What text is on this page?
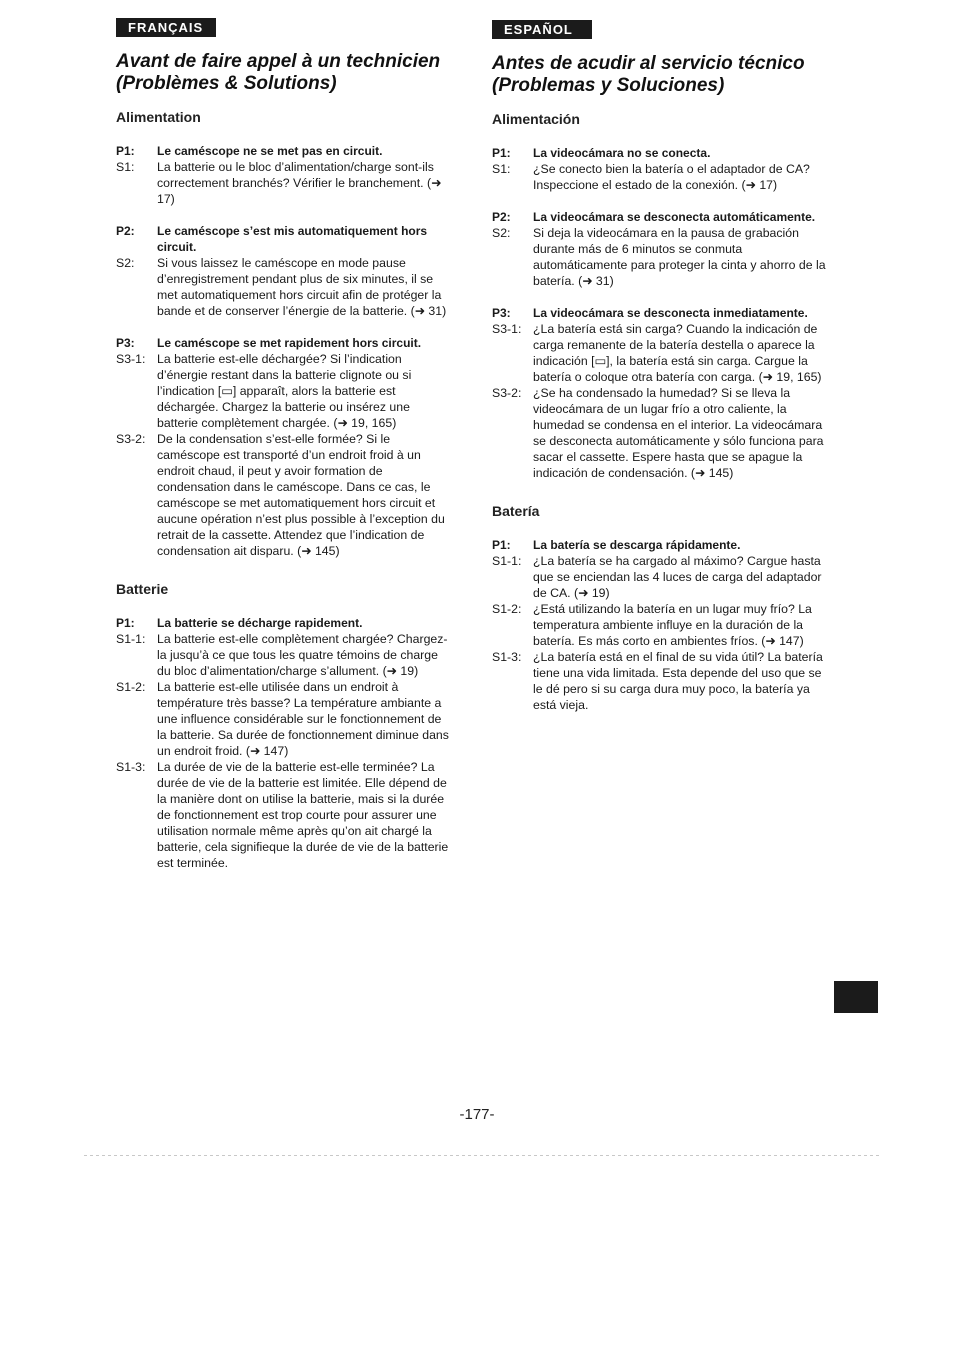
FRANÇAIS
Avant de faire appel à un technicien (Problèmes & Solutions)
Alimentation
P1:	Le caméscope ne se met pas en circuit.
S1:	La batterie ou le bloc d’alimentation/charge sont-ils correctement branchés? Vérifier le branchement. (➜ 17)
P2:	Le caméscope s’est mis automatiquement hors circuit.
S2:	Si vous laissez le caméscope en mode pause d’enregistrement pendant plus de six minutes, il se met automatiquement hors circuit afin de protéger la bande et de conserver l’énergie de la batterie. (➜ 31)
P3:	Le caméscope se met rapidement hors circuit.
S3-1: La batterie est-elle déchargée? Si l’indication d’énergie restant dans la batterie clignote ou si l’indication [▭] apparaît, alors la batterie est déchargée. Chargez la batterie ou insérez une batterie complètement chargée. (➜ 19, 165)
S3-2: De la condensation s’est-elle formée? Si le caméscope est transporté d’un endroit froid à un endroit chaud, il peut y avoir formation de condensation dans le caméscope. Dans ce cas, le caméscope se met automatiquement hors circuit et aucune opération n’est plus possible à l’exception du retrait de la cassette. Attendez que l’indication de condensation ait disparu. (➜ 145)
Batterie
P1:	La batterie se décharge rapidement.
S1-1: La batterie est-elle complètement chargée? Chargez-la jusqu’à ce que tous les quatre témoins de charge du bloc d’alimentation/charge s’allument. (➜ 19)
S1-2: La batterie est-elle utilisée dans un endroit à température très basse? La température ambiante a une influence considérable sur le fonctionnement de la batterie. Sa durée de fonctionnement diminue dans un endroit froid. (➜ 147)
S1-3: La durée de vie de la batterie est-elle terminée? La durée de vie de la batterie est limitée. Elle dépend de la manière dont on utilise la batterie, mais si la durée de fonctionnement est trop courte pour assurer une utilisation normale même après qu’on ait chargé la batterie, cela signifieque la durée de vie de la batterie est terminée.
ESPAÑOL
Antes de acudir al servicio técnico (Problemas y Soluciones)
Alimentación
P1:	La videocámara no se conecta.
S1:	¿Se conecto bien la batería o el adaptador de CA? Inspeccione el estado de la conexión. (➜ 17)
P2:	La videocámara se desconecta automáticamente.
S2:	Si deja la videocámara en la pausa de grabación durante más de 6 minutos se conmuta automáticamente para proteger la cinta y ahorro de la batería. (➜ 31)
P3:	La videocámara se desconecta inmediatamente.
S3-1: ¿La batería está sin carga? Cuando la indicación de carga remanente de la batería destella o aparece la indicación [▭], la batería está sin carga. Cargue la batería o coloque otra batería con carga. (➜ 19, 165)
S3-2: ¿Se ha condensado la humedad? Si se lleva la videocámara de un lugar frío a otro caliente, la humedad se condensa en el interior. La videocámara se desconecta automáticamente y sólo funciona para sacar el cassette. Espere hasta que se apague la indicación de condensación. (➜ 145)
Batería
P1:	La batería se descarga rápidamente.
S1-1: ¿La batería se ha cargado al máximo? Cargue hasta que se enciendan las 4 luces de carga del adaptador de CA. (➜ 19)
S1-2: ¿Está utilizando la batería en un lugar muy frío? La temperatura ambiente influye en la duración de la batería. Es más corto en ambientes fríos. (➜ 147)
S1-3: ¿La batería está en el final de su vida útil? La batería tiene una vida limitada. Esta depende del uso que se le dé pero si su carga dura muy poco, la batería ya está vieja.
-177-
